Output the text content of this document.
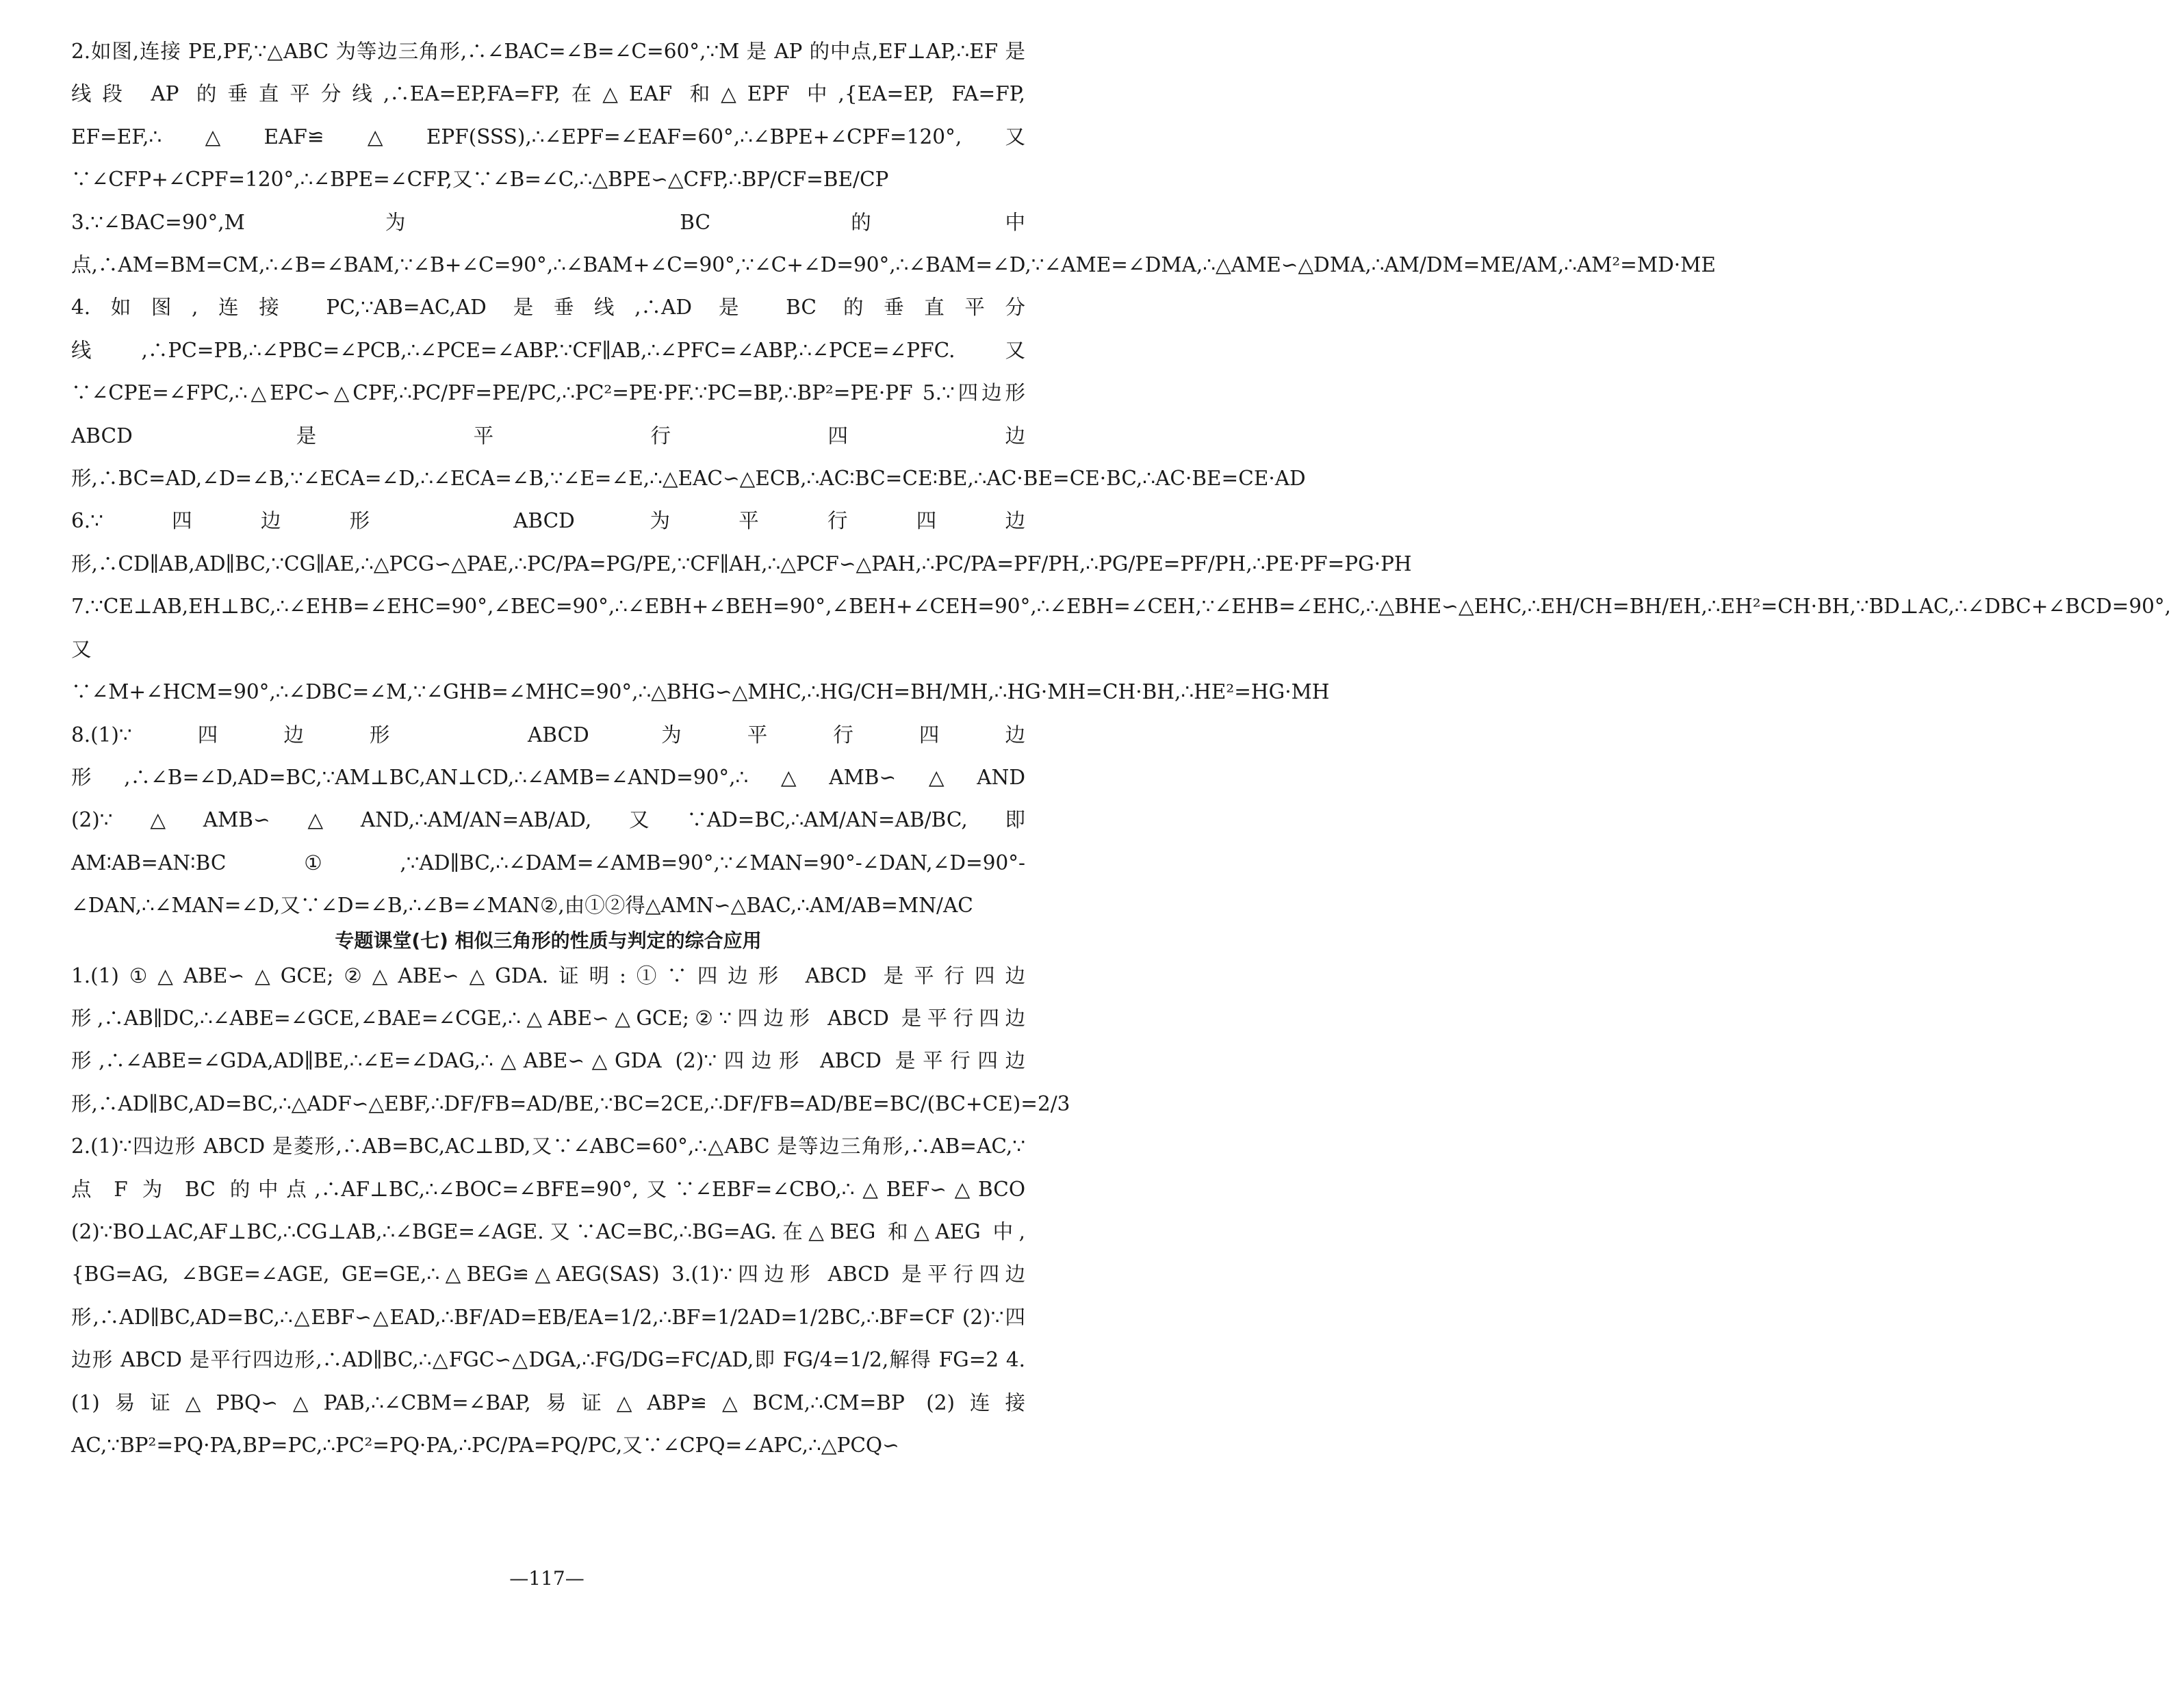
2.如图,连接 PE,PF,∵△ABC 为等边三角形,∴∠BAC=∠B=∠C=60°,∵M 是 AP 的中点,EF⊥AP,∴EF 是线段 AP 的垂直平分线,∴EA=EP,FA=FP,在△EAF 和△EPF 中,{EA=EP, FA=FP, EF=EF,∴△EAF≌△EPF(SSS),∴∠EPF=∠EAF=60°,∴∠BPE+∠CPF=120°,又∵∠CFP+∠CPF=120°,∴∠BPE=∠CFP,又∵∠B=∠C,∴△BPE∽△CFP,∴BP/CF=BE/CP

3.∵∠BAC=90°,M 为 BC 的中点,∴AM=BM=CM,∴∠B=∠BAM,∵∠B+∠C=90°,∴∠BAM+∠C=90°,∵∠C+∠D=90°,∴∠BAM=∠D,∵∠AME=∠DMA,∴△AME∽△DMA,∴AM/DM=ME/AM,∴AM²=MD·ME 4.如图,连接 PC,∵AB=AC,AD 是垂线,∴AD 是 BC 的垂直平分线,∴PC=PB,∴∠PBC=∠PCB,∴∠PCE=∠ABP.∵CF∥AB,∴∠PFC=∠ABP,∴∠PCE=∠PFC.又∵∠CPE=∠FPC,∴△EPC∽△CPF,∴PC/PF=PE/PC,∴PC²=PE·PF.∵PC=BP,∴BP²=PE·PF 5.∵四边形 ABCD 是平行四边形,∴BC=AD,∠D=∠B,∵∠ECA=∠D,∴∠ECA=∠B,∵∠E=∠E,∴△EAC∽△ECB,∴AC∶BC=CE∶BE,∴AC·BE=CE·BC,∴AC·BE=CE·AD 6.∵四边形 ABCD 为平行四边形,∴CD∥AB,AD∥BC,∵CG∥AE,∴△PCG∽△PAE,∴PC/PA=PG/PE,∵CF∥AH,∴△PCF∽△PAH,∴PC/PA=PF/PH,∴PG/PE=PF/PH,∴PE·PF=PG·PH 7.∵CE⊥AB,EH⊥BC,∴∠EHB=∠EHC=90°,∠BEC=90°,∴∠EBH+∠BEH=90°,∠BEH+∠CEH=90°,∴∠EBH=∠CEH,∵∠EHB=∠EHC,∴△BHE∽△EHC,∴EH/CH=BH/EH,∴EH²=CH·BH,∵BD⊥AC,∴∠DBC+∠BCD=90°,又∵∠M+∠HCM=90°,∴∠DBC=∠M,∵∠GHB=∠MHC=90°,∴△BHG∽△MHC,∴HG/CH=BH/MH,∴HG·MH=CH·BH,∴HE²=HG·MH 8.(1)∵四边形 ABCD 为平行四边形,∴∠B=∠D,AD=BC,∵AM⊥BC,AN⊥CD,∴∠AMB=∠AND=90°,∴△AMB∽△AND (2)∵△AMB∽△AND,∴AM/AN=AB/AD,又∵AD=BC,∴AM/AN=AB/BC,即 AM∶AB=AN∶BC①,∵AD∥BC,∴∠DAM=∠AMB=90°,∵∠MAN=90°-∠DAN,∠D=90°-∠DAN,∴∠MAN=∠D,又∵∠D=∠B,∴∠B=∠MAN②,由①②得△AMN∽△BAC,∴AM/AB=MN/AC

专题课堂(七) 相似三角形的性质与判定的综合应用

1.(1)①△ABE∽△GCE;②△ABE∽△GDA.证明:①∵四边形 ABCD 是平行四边形,∴AB∥DC,∴∠ABE=∠GCE,∠BAE=∠CGE,∴△ABE∽△GCE;②∵四边形 ABCD 是平行四边形,∴∠ABE=∠GDA,AD∥BE,∴∠E=∠DAG,∴△ABE∽△GDA (2)∵四边形 ABCD 是平行四边形,∴AD∥BC,AD=BC,∴△ADF∽△EBF,∴DF/FB=AD/BE,∵BC=2CE,∴DF/FB=AD/BE=BC/(BC+CE)=2/3 2.(1)∵四边形 ABCD 是菱形,∴AB=BC,AC⊥BD,又∵∠ABC=60°,∴△ABC 是等边三角形,∴AB=AC,∵点 F 为 BC 的中点,∴AF⊥BC,∴∠BOC=∠BFE=90°,又∵∠EBF=∠CBO,∴△BEF∽△BCO (2)∵BO⊥AC,AF⊥BC,∴CG⊥AB,∴∠BGE=∠AGE.又∵AC=BC,∴BG=AG.在△BEG 和△AEG 中,{BG=AG, ∠BGE=∠AGE, GE=GE,∴△BEG≌△AEG(SAS) 3.(1)∵四边形 ABCD 是平行四边形,∴AD∥BC,AD=BC,∴△EBF∽△EAD,∴BF/AD=EB/EA=1/2,∴BF=1/2AD=1/2BC,∴BF=CF (2)∵四边形 ABCD 是平行四边形,∴AD∥BC,∴△FGC∽△DGA,∴FG/DG=FC/AD,即 FG/4=1/2,解得 FG=2 4.(1)易证△PBQ∽△PAB,∴∠CBM=∠BAP,易证△ABP≌△BCM,∴CM=BP (2)连接 AC,∵BP²=PQ·PA,BP=PC,∴PC²=PQ·PA,∴PC/PA=PQ/PC,又∵∠CPQ=∠APC,∴△PCQ∽

—117—
